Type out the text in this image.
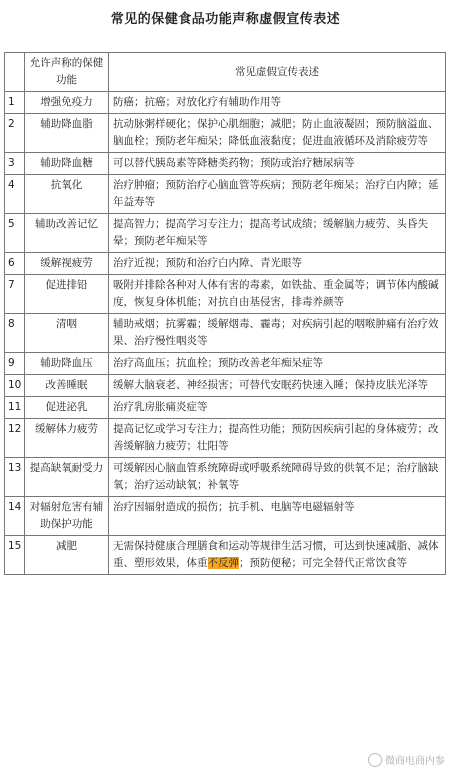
常见的保健食品功能声称虚假宣传表述
	允许声称的保健功能	常见虚假宣传表述
1	增强免疫力	防癌；抗癌；对放化疗有辅助作用等
2	辅助降血脂	抗动脉粥样硬化；保护心肌细胞；减肥；防止血液凝固；预防脑溢血、脑血栓；预防老年痴呆；降低血液黏度；促进血液循环及消除疲劳等
3	辅助降血糖	可以替代胰岛素等降糖类药物；预防或治疗糖尿病等
4	抗氧化	治疗肿瘤；预防治疗心脑血管等疾病；预防老年痴呆；治疗白内障；延年益寿等
5	辅助改善记忆	提高智力；提高学习专注力；提高考试成绩；缓解脑力疲劳、头昏失晕；预防老年痴呆等
6	缓解视疲劳	治疗近视；预防和治疗白内障、青光眼等
7	促进排铅	吸附并排除各种对人体有害的毒素，如铁盐、重金属等；调节体内酸碱度，恢复身体机能；对抗自由基侵害，排毒养颜等
8	清咽	辅助戒烟；抗雾霾；缓解烟毒、霾毒；对疾病引起的咽喉肿痛有治疗效果、治疗慢性咽炎等
9	辅助降血压	治疗高血压；抗血栓；预防改善老年痴呆症等
10	改善睡眠	缓解大脑衰老、神经损害；可替代安眠药快速入睡；保持皮肤光泽等
11	促进泌乳	治疗乳房胀痛炎症等
12	缓解体力疲劳	提高记忆或学习专注力；提高性功能；预防因疾病引起的身体疲劳；改善缓解脑力疲劳；壮阳等
13	提高缺氧耐受力	可缓解因心脑血管系统障碍或呼吸系统障碍导致的供氧不足；治疗脑缺氧；治疗运动缺氧；补氧等
14	对辐射危害有辅助保护功能	治疗因辐射造成的损伤；抗手机、电脑等电磁辐射等
15	减肥	无需保持健康合理膳食和运动等规律生活习惯，可达到快速减脂、减体重、塑形效果，体重不反弹；预防便秘；可完全替代正常饮食等
微商电商内参
